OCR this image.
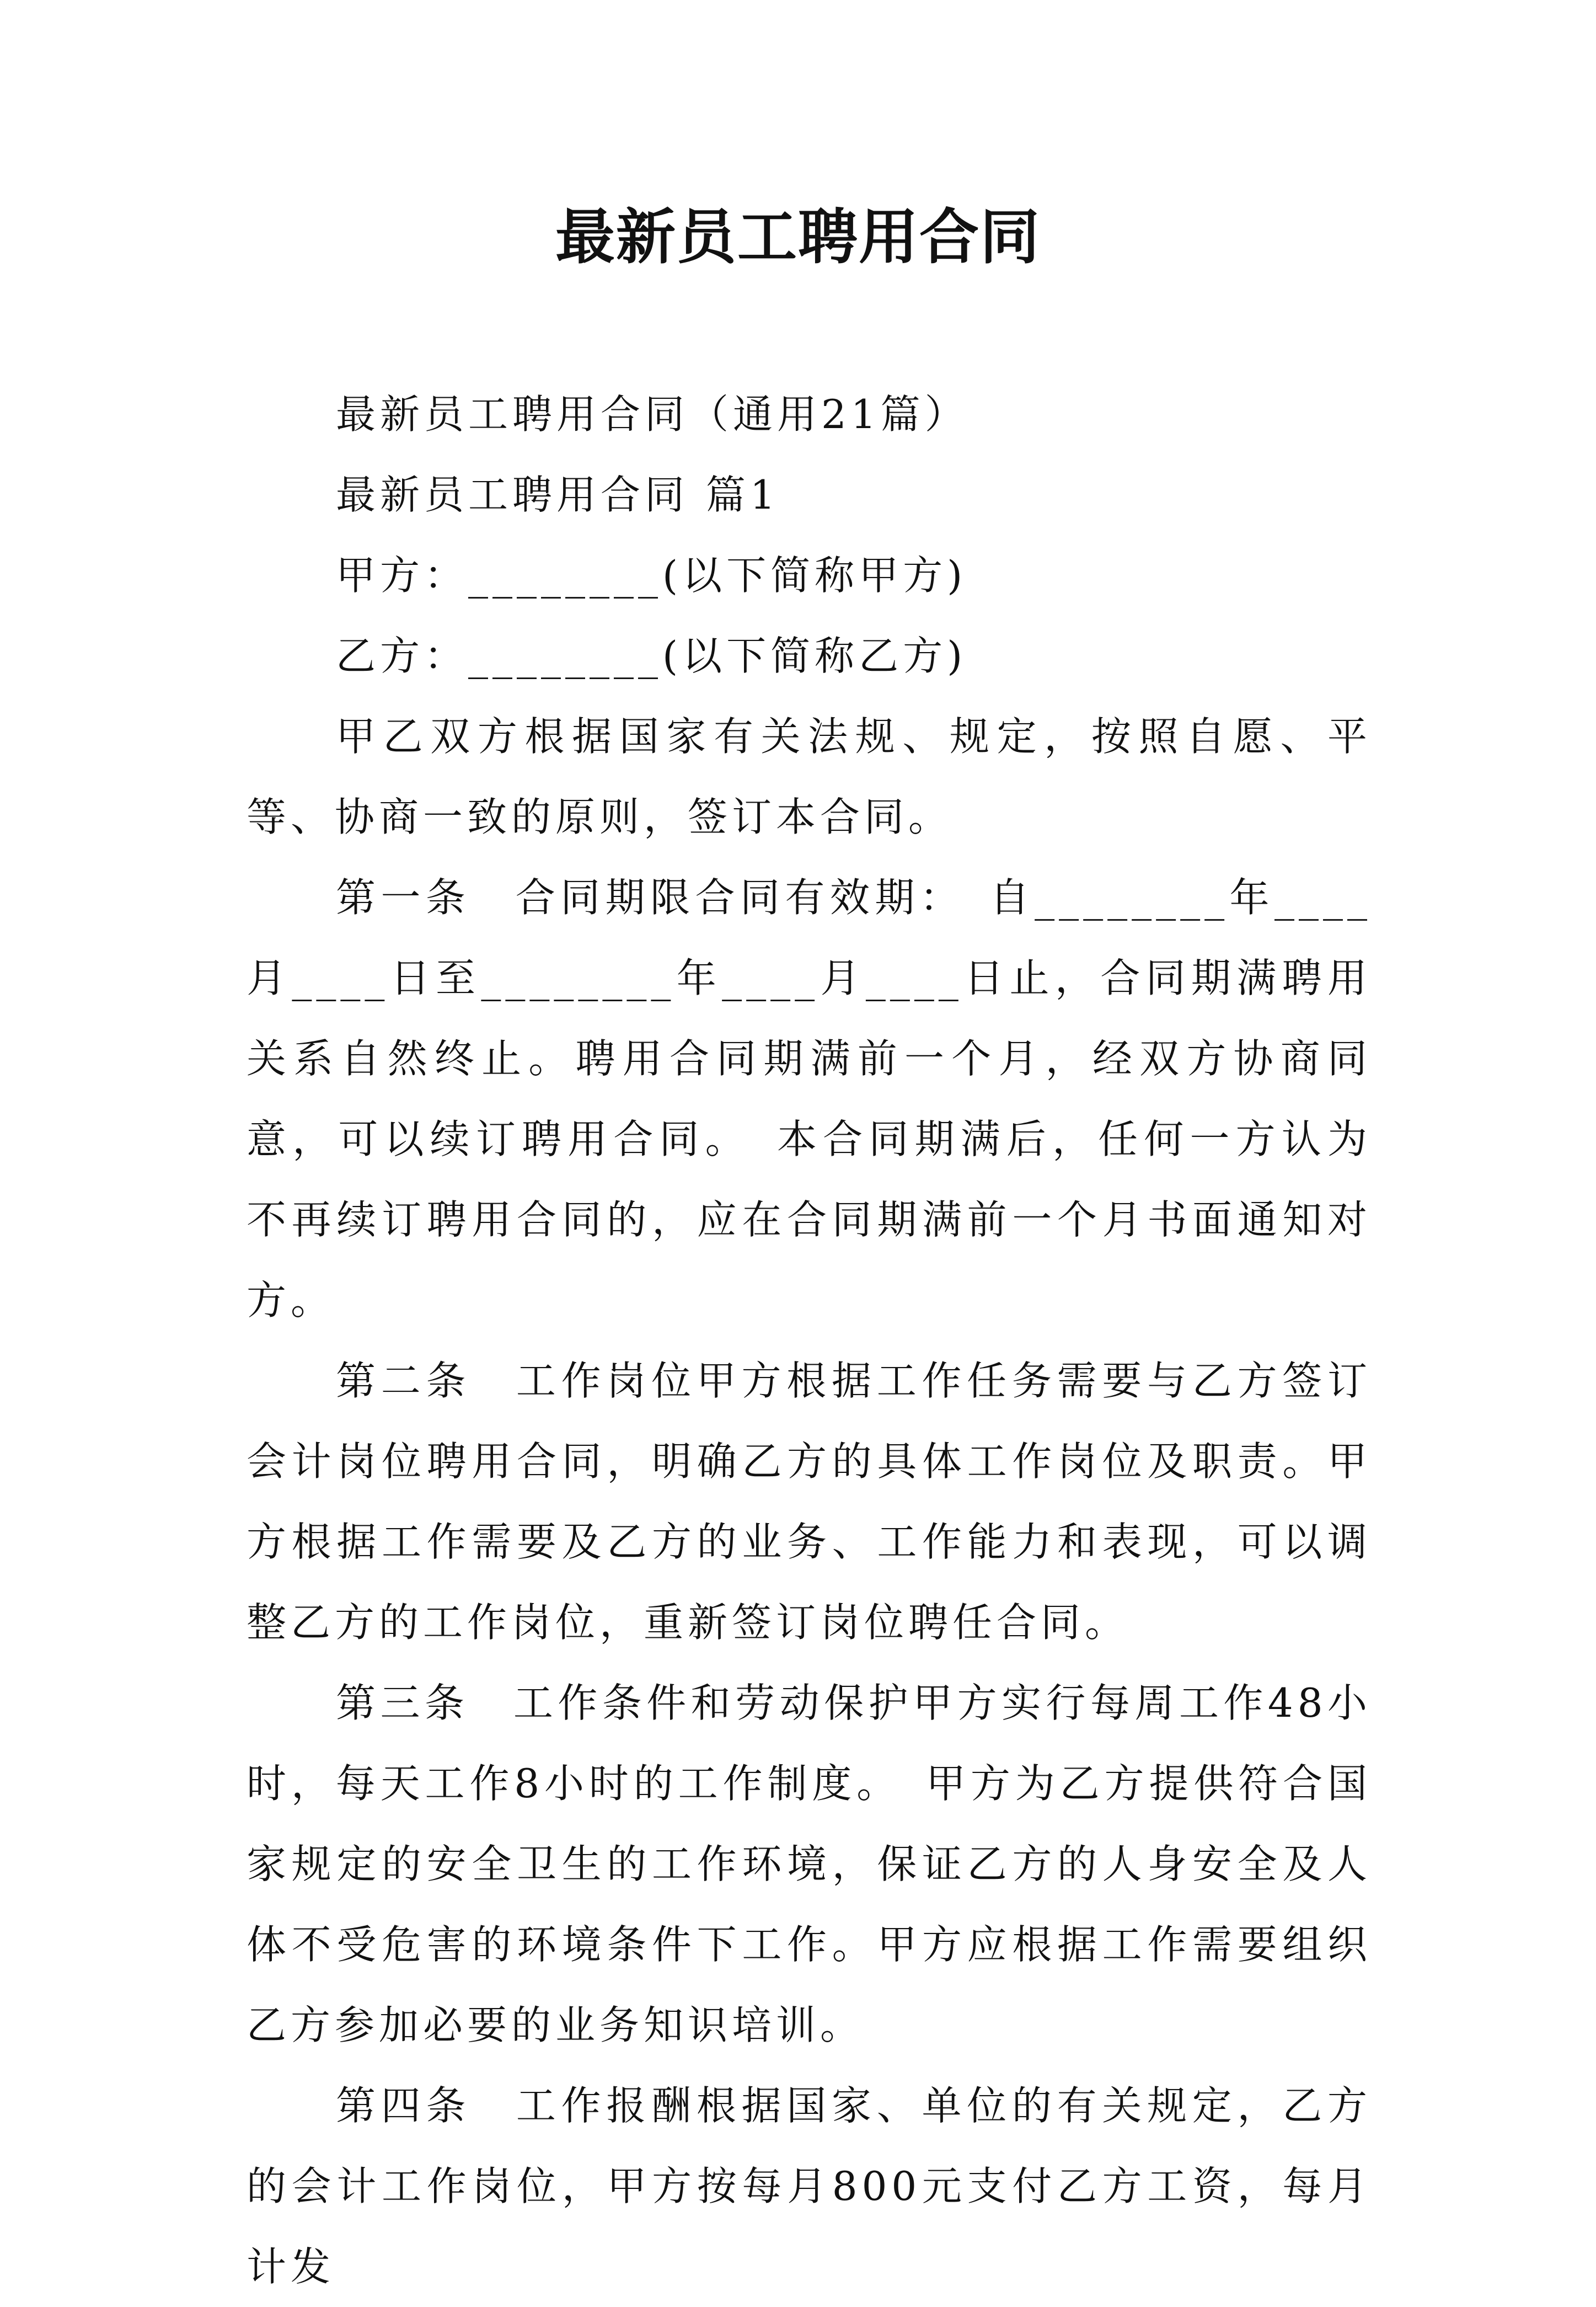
最新员工聘用合同

最新员工聘用合同（通用21篇）

最新员工聘用合同 篇1

甲方：________(以下简称甲方)

乙方：________(以下简称乙方)

甲乙双方根据国家有关法规、规定，按照自愿、平等、协商一致的原则，签订本合同。

第一条　合同期限合同有效期：　自________年____月____日至________年____月____日止，合同期满聘用关系自然终止。聘用合同期满前一个月，经双方协商同意，可以续订聘用合同。　本合同期满后，任何一方认为不再续订聘用合同的，应在合同期满前一个月书面通知对方。

第二条　工作岗位甲方根据工作任务需要与乙方签订会计岗位聘用合同，明确乙方的具体工作岗位及职责。甲方根据工作需要及乙方的业务、工作能力和表现，可以调整乙方的工作岗位，重新签订岗位聘任合同。

第三条　工作条件和劳动保护甲方实行每周工作48小时，每天工作8小时的工作制度。　甲方为乙方提供符合国家规定的安全卫生的工作环境，保证乙方的人身安全及人体不受危害的环境条件下工作。甲方应根据工作需要组织乙方参加必要的业务知识培训。

第四条　工作报酬根据国家、单位的有关规定，乙方的会计工作岗位，甲方按每月800元支付乙方工资，每月计发
